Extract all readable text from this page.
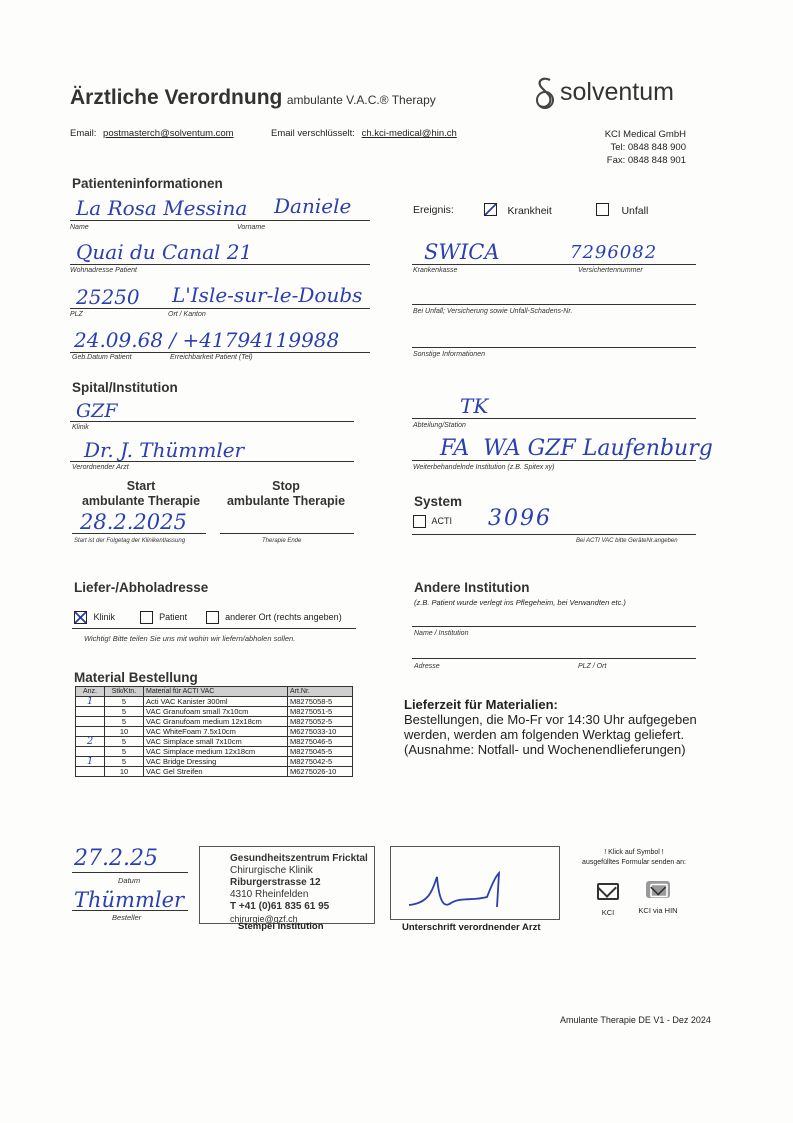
Ärztliche Verordnung ambulante V.A.C.® Therapy	solventum
Email: postmasterch@solventum.com	Email verschlüsselt: ch.kci-medical@hin.ch	KCI Medical GmbH
Tel: 0848 848 900
Fax: 0848 848 901
Patienteninformationen
La Rosa Messina Daniele
Name	Vorname
Quai du Canal 21
Wohnadresse Patient
25250 L'Isle-sur-le-Doubs
PLZ	Ort / Kanton
24.09.68 / +41794119988
Geb.Datum Patient	Erreichbarkeit Patient (Tel)
Ereignis:	Krankheit	Unfall
SWICA	7296082
Krankenkasse	Versichertennummer
Bei Unfall; Versicherung sowie Unfall-Schadens-Nr.
Sonstige Informationen
Spital/Institution
GZF
Klinik
Dr. J. Thümmler
Verordnender Arzt
TK
Abteilung/Station
FA  WA GZF Laufenburg
Weiterbehandelnde Institution (z.B. Spitex xy)
Start
ambulante Therapie
Stop
ambulante Therapie
28.2.2025
Start ist der Folgetag der Klinikentlassung	Therapie Ende
System
ACTI 3096
Bei ACTI VAC bitte GeräteNr.angeben
Liefer-/Abholadresse
Klinik	Patient	anderer Ort (rechts angeben)
Wichtig! Bitte teilen Sie uns mit wohin wir liefern/abholen sollen.
Andere Institution
(z.B. Patient wurde verlegt ins Pflegeheim, bei Verwandten etc.)
Name / Institution
Adresse	PLZ / Ort
Material Bestellung
Anz.	Stk/Ktn.	Material für ACTI VAC	Art.Nr.
1	5	Acti VAC Kanister 300ml	M8275058-5
	5	VAC Granufoam small 7x10cm	M8275051-5
	5	VAC Granufoam medium 12x18cm	M8275052-5
	10	VAC WhiteFoam 7.5x10cm	M6275033-10
2	5	VAC Simplace small 7x10cm	M8275046-5
	5	VAC Simplace medium 12x18cm	M8275045-5
1	5	VAC Bridge Dressing	M8275042-5
	10	VAC Gel Streifen	M6275026-10
Lieferzeit für Materialien:
Bestellungen, die Mo-Fr vor 14:30 Uhr aufgegeben
werden, werden am folgenden Werktag geliefert.
(Ausnahme: Notfall- und Wochenendlieferungen)
27.2.25
Datum
Thümmler
Besteller
Gesundheitszentrum Fricktal
Chirurgische Klinik
Riburgerstrasse 12
4310 Rheinfelden
T +41 (0)61 835 61 95
chirurgie@gzf.ch
Stempel Institution	Unterschrift verordnender Arzt
! Klick auf Symbol !
ausgefülltes Formular senden an:
KCI	KCI via HIN
Amulante Therapie DE V1 - Dez 2024
